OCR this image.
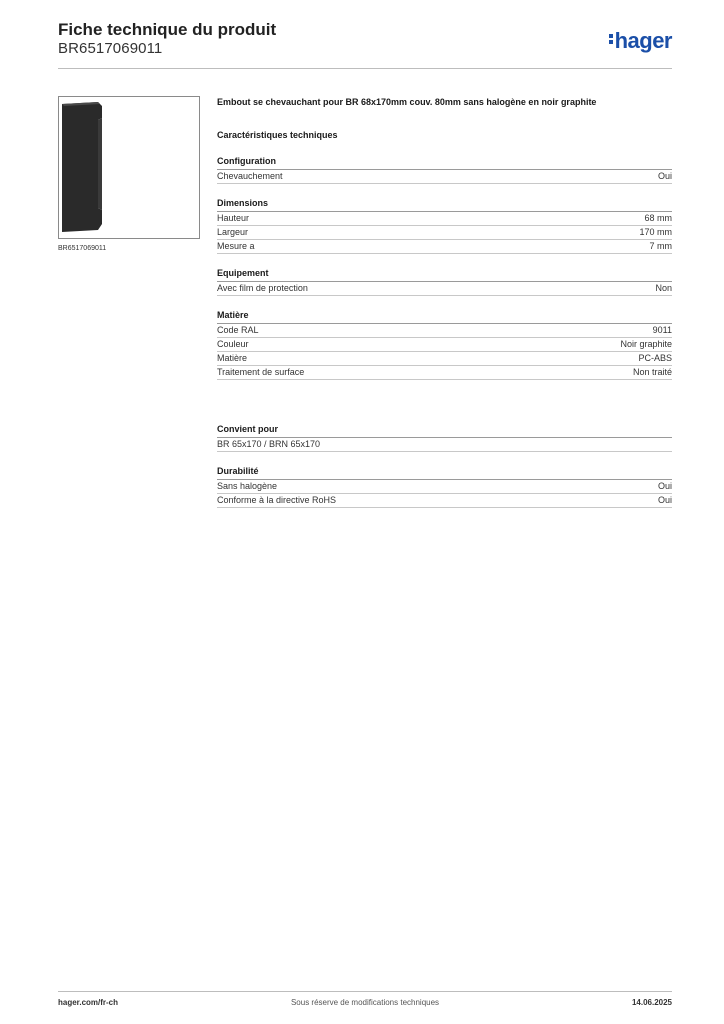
Fiche technique du produit
BR6517069011	hager
BR6517069011
Embout se chevauchant pour BR 68x170mm couv. 80mm sans halogène en noir graphite
Caractéristiques techniques
Configuration
Chevauchement	Oui
Dimensions
Hauteur	68 mm
Largeur	170 mm
Mesure a	7 mm
Equipement
Avec film de protection	Non
Matière
Code RAL	9011
Couleur	Noir graphite
Matière	PC-ABS
Traitement de surface	Non traité
Convient pour
BR 65x170 / BRN 65x170
Durabilité
Sans halogène	Oui
Conforme à la directive RoHS	Oui
hager.com/fr-ch	Sous réserve de modifications techniques	14.06.2025
